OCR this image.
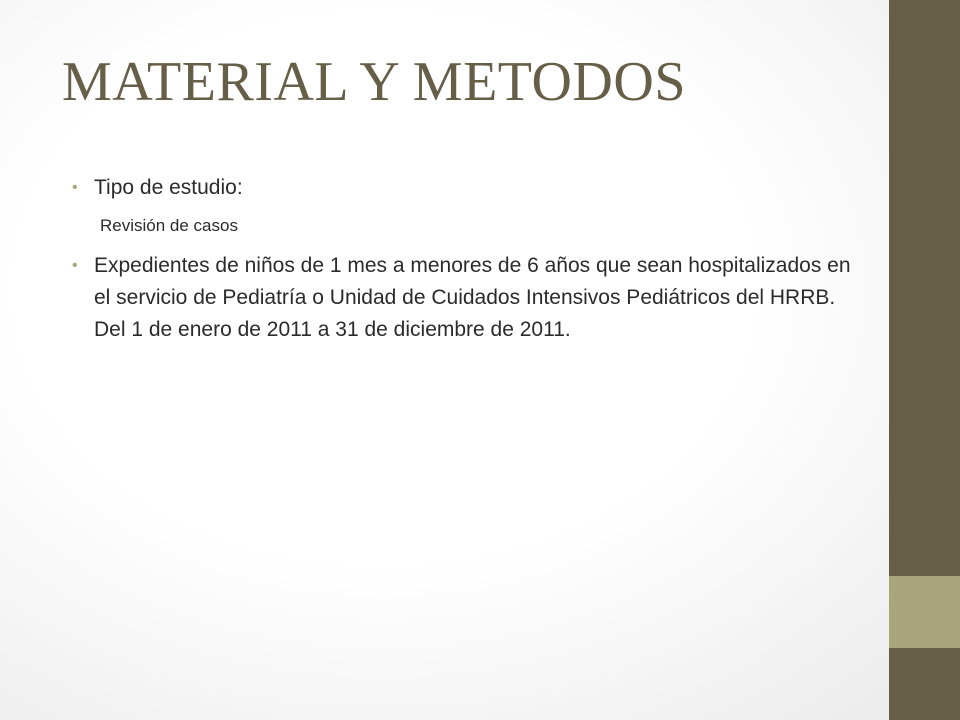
MATERIAL Y METODOS

• Tipo de estudio:

Revisión de casos

• Expedientes de niños de 1 mes a menores de 6 años que sean hospitalizados en el servicio de Pediatría o Unidad de Cuidados Intensivos Pediátricos del HRRB. Del 1 de enero de 2011 a 31 de diciembre de 2011.
